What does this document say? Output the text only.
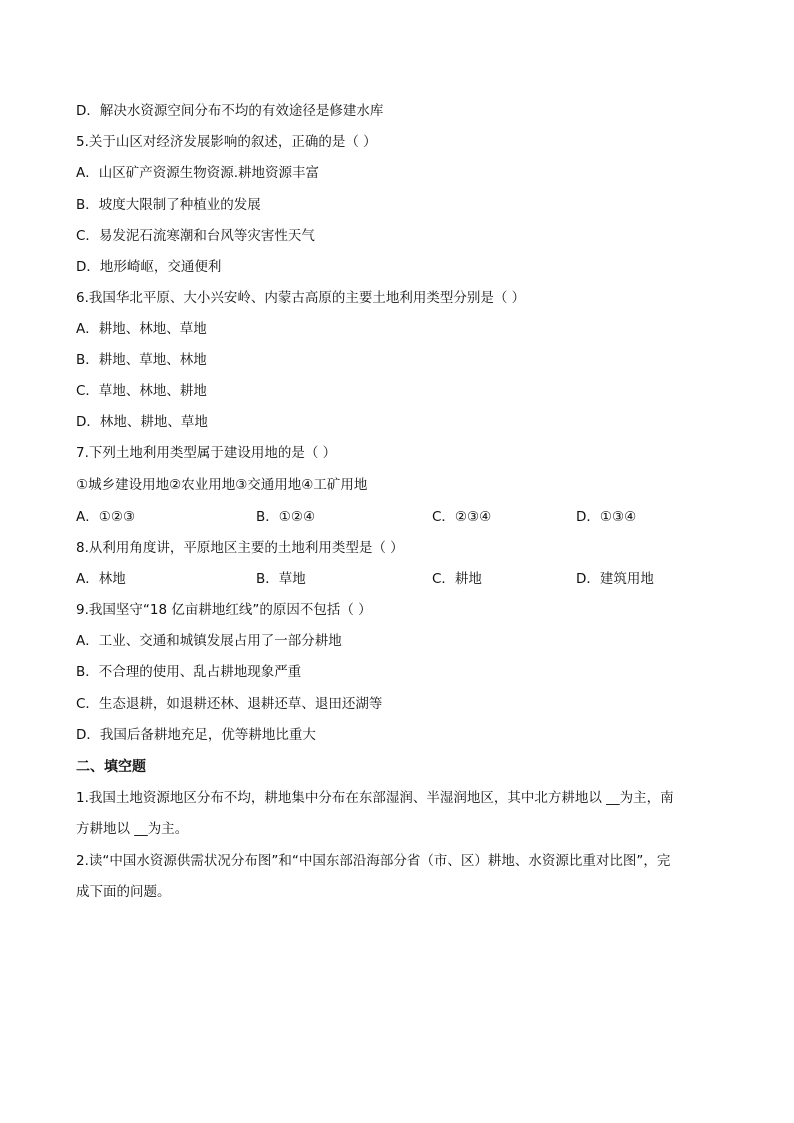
D．解决水资源空间分布不均的有效途径是修建水库
5.关于山区对经济发展影响的叙述，正确的是（ ）
A．山区矿产资源生物资源.耕地资源丰富
B．坡度大限制了种植业的发展
C．易发泥石流寒潮和台风等灾害性天气
D．地形崎岖，交通便利
6.我国华北平原、大小兴安岭、内蒙古高原的主要土地利用类型分别是（ ）
A．耕地、林地、草地
B．耕地、草地、林地
C．草地、林地、耕地
D．林地、耕地、草地
7.下列土地利用类型属于建设用地的是（ ）
①城乡建设用地②农业用地③交通用地④工矿用地
A．①②③	B．①②④	C．②③④	D．①③④
8.从利用角度讲，平原地区主要的土地利用类型是（ ）
A．林地	B．草地	C．耕地	D．建筑用地
9.我国坚守“18 亿亩耕地红线”的原因不包括（ ）
A．工业、交通和城镇发展占用了一部分耕地
B．不合理的使用、乱占耕地现象严重
C．生态退耕，如退耕还林、退耕还草、退田还湖等
D．我国后备耕地充足，优等耕地比重大
二、填空题
1.我国土地资源地区分布不均，耕地集中分布在东部湿润、半湿润地区，其中北方耕地以 __为主，南
方耕地以 __为主。
2.读“中国水资源供需状况分布图”和“中国东部沿海部分省（市、区）耕地、水资源比重对比图”，完
成下面的问题。
